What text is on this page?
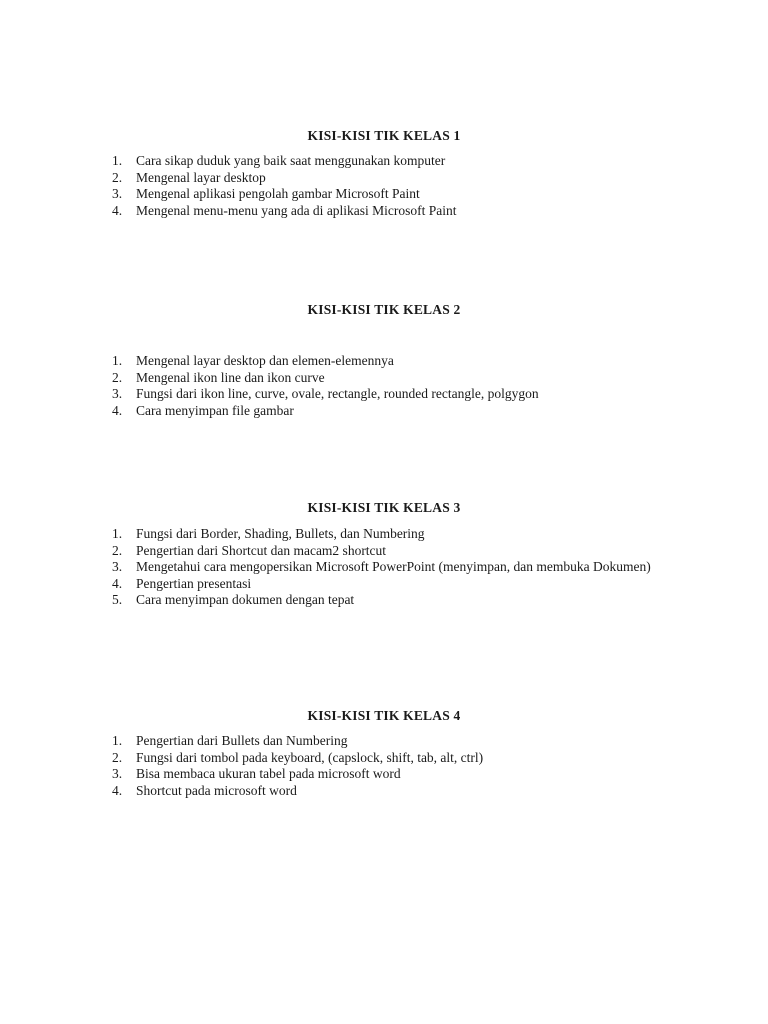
KISI-KISI TIK KELAS 1
1. Cara sikap duduk yang baik saat menggunakan komputer
2. Mengenal layar desktop
3. Mengenal aplikasi pengolah gambar Microsoft Paint
4. Mengenal menu-menu yang ada di aplikasi Microsoft Paint
KISI-KISI TIK KELAS 2
1. Mengenal layar desktop dan elemen-elemennya
2. Mengenal ikon line dan ikon curve
3. Fungsi dari ikon line, curve, ovale, rectangle, rounded rectangle, polgygon
4. Cara menyimpan file gambar
KISI-KISI TIK KELAS 3
1. Fungsi dari Border, Shading, Bullets, dan Numbering
2. Pengertian dari Shortcut dan macam2 shortcut
3. Mengetahui cara mengopersikan Microsoft PowerPoint (menyimpan, dan membuka Dokumen)
4. Pengertian presentasi
5. Cara menyimpan dokumen dengan tepat
KISI-KISI TIK KELAS 4
1. Pengertian dari Bullets dan Numbering
2. Fungsi dari tombol pada keyboard, (capslock, shift, tab, alt, ctrl)
3. Bisa membaca ukuran tabel pada microsoft word
4. Shortcut pada microsoft word
